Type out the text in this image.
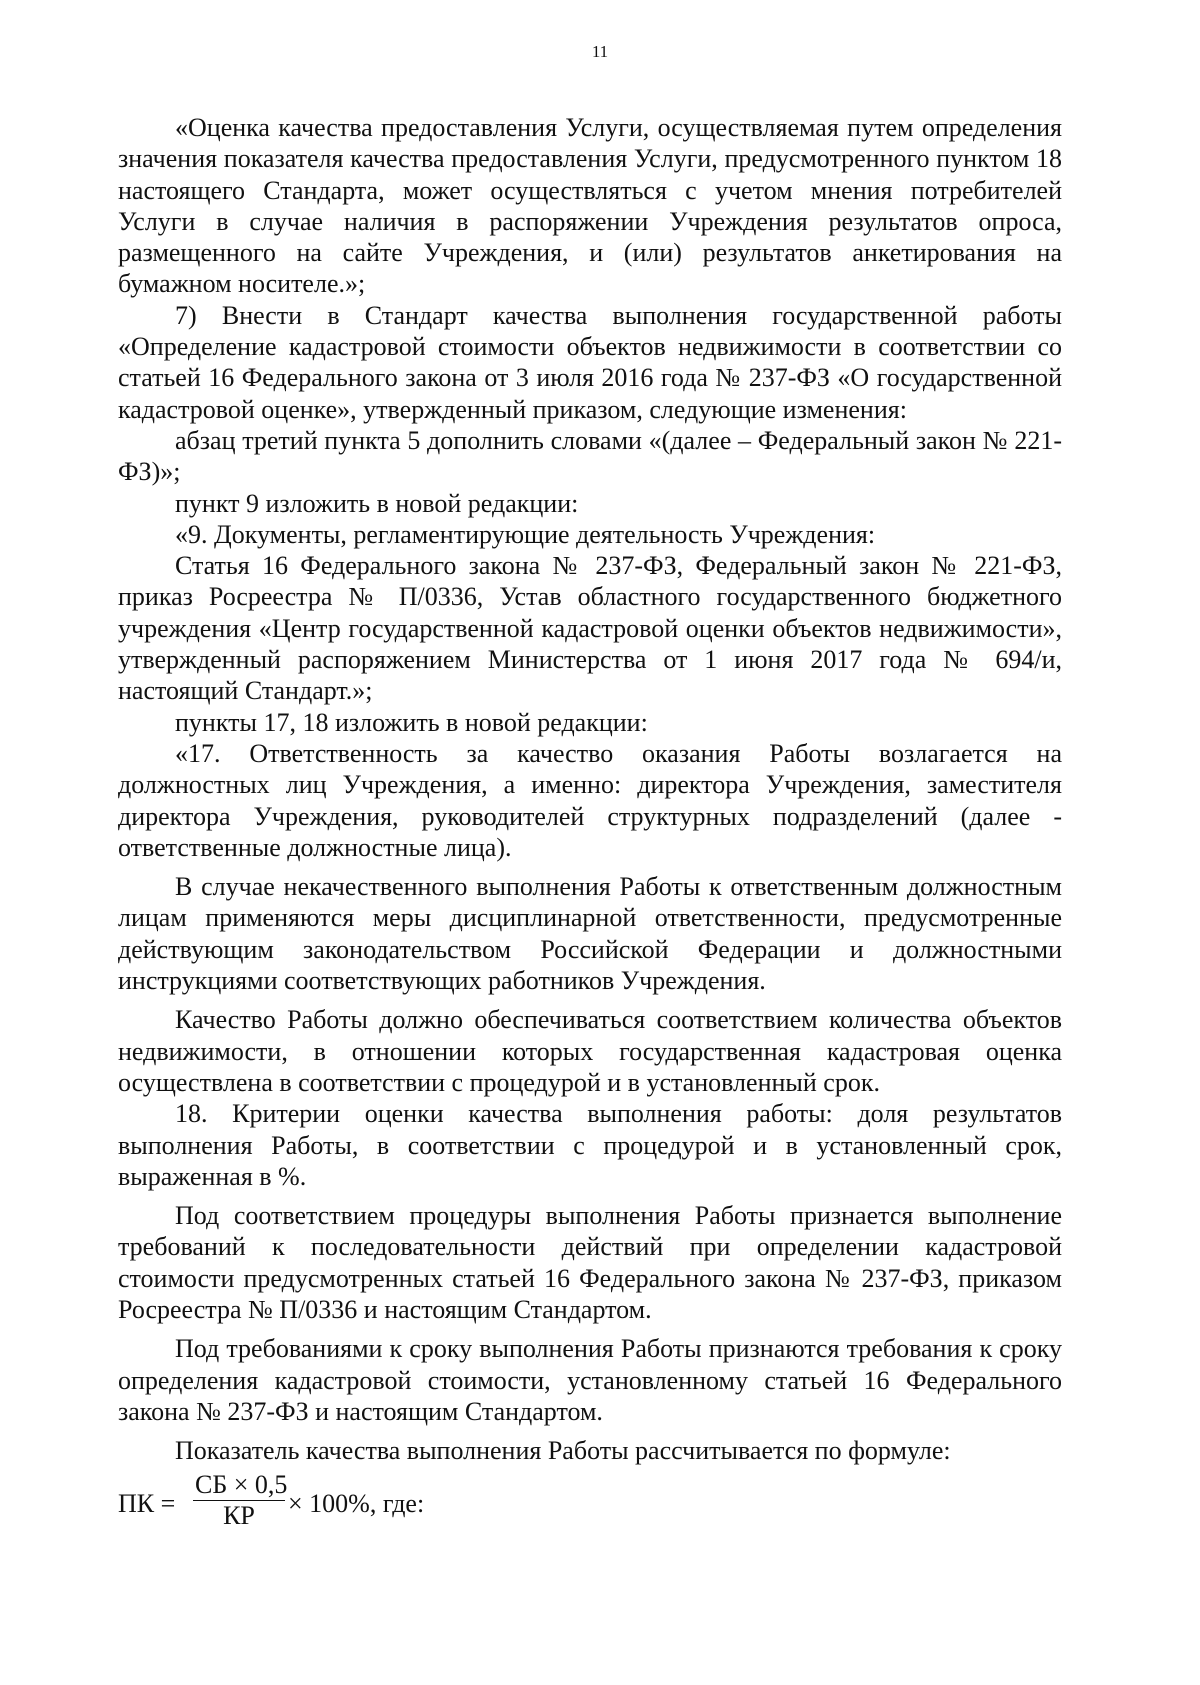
11

«Оценка качества предоставления Услуги, осуществляемая путем определения значения показателя качества предоставления Услуги, предусмотренного пунктом 18 настоящего Стандарта, может осуществляться с учетом мнения потребителей Услуги в случае наличия в распоряжении Учреждения результатов опроса, размещенного на сайте Учреждения, и (или) результатов анкетирования на бумажном носителе.»;

7) Внести в Стандарт качества выполнения государственной работы «Определение кадастровой стоимости объектов недвижимости в соответствии со статьей 16 Федерального закона от 3 июля 2016 года № 237-ФЗ «О государственной кадастровой оценке», утвержденный приказом, следующие изменения:

абзац третий пункта 5 дополнить словами «(далее – Федеральный закон № 221-ФЗ)»;

пункт 9 изложить в новой редакции:

«9. Документы, регламентирующие деятельность Учреждения:

Статья 16 Федерального закона № 237-ФЗ, Федеральный закон № 221-ФЗ, приказ Росреестра № П/0336, Устав областного государственного бюджетного учреждения «Центр государственной кадастровой оценки объектов недвижимости», утвержденный распоряжением Министерства от 1 июня 2017 года № 694/и, настоящий Стандарт.»;

пункты 17, 18 изложить в новой редакции:

«17. Ответственность за качество оказания Работы возлагается на должностных лиц Учреждения, а именно: директора Учреждения, заместителя директора Учреждения, руководителей структурных подразделений (далее - ответственные должностные лица).

В случае некачественного выполнения Работы к ответственным должностным лицам применяются меры дисциплинарной ответственности, предусмотренные действующим законодательством Российской Федерации и должностными инструкциями соответствующих работников Учреждения.

Качество Работы должно обеспечиваться соответствием количества объектов недвижимости, в отношении которых государственная кадастровая оценка осуществлена в соответствии с процедурой и в установленный срок.

18. Критерии оценки качества выполнения работы: доля результатов выполнения Работы, в соответствии с процедурой и в установленный срок, выраженная в %.

Под соответствием процедуры выполнения Работы признается выполнение требований к последовательности действий при определении кадастровой стоимости предусмотренных статьей 16 Федерального закона № 237-ФЗ, приказом Росреестра № П/0336 и настоящим Стандартом.

Под требованиями к сроку выполнения Работы признаются требования к сроку определения кадастровой стоимости, установленному статьей 16 Федерального закона № 237-ФЗ и настоящим Стандартом.

Показатель качества выполнения Работы рассчитывается по формуле:

ПК =
СБ × 0,5
КР	× 100%, где:
